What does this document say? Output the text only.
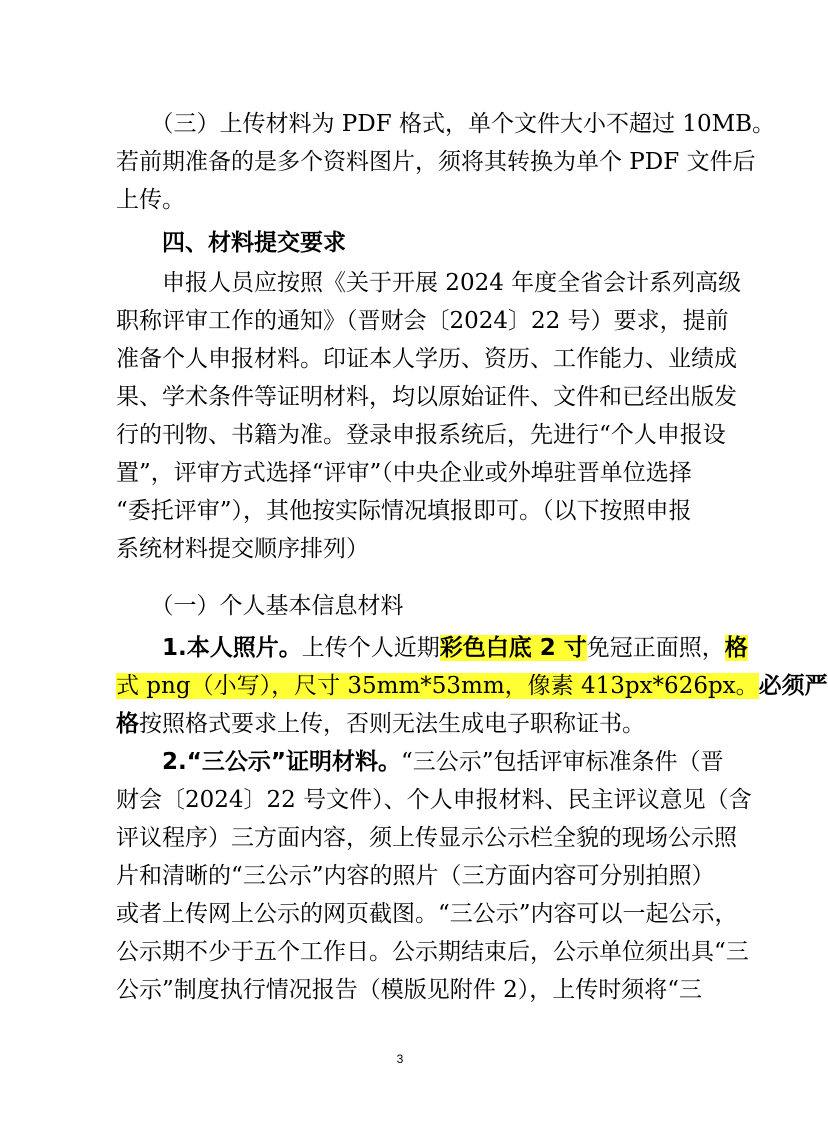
　　（三）上传材料为 PDF 格式，单个文件大小不超过 10MB。
若前期准备的是多个资料图片，须将其转换为单个 PDF 文件后
上传。
　　四、材料提交要求
　　申报人员应按照《关于开展 2024 年度全省会计系列高级
职称评审工作的通知》（晋财会〔2024〕22 号）要求，提前
准备个人申报材料。印证本人学历、资历、工作能力、业绩成
果、学术条件等证明材料，均以原始证件、文件和已经出版发
行的刊物、书籍为准。登录申报系统后，先进行“个人申报设
置”，评审方式选择“评审”（中央企业或外埠驻晋单位选择
“委托评审”），其他按实际情况填报即可。（以下按照申报
系统材料提交顺序排列）
　　（一）个人基本信息材料
　　1.本人照片。上传个人近期彩色白底 2 寸免冠正面照，格
式 png（小写），尺寸 35mm*53mm，像素 413px*626px。必须严
格按照格式要求上传，否则无法生成电子职称证书。
　　2.“三公示”证明材料。“三公示”包括评审标准条件（晋
财会〔2024〕22 号文件）、个人申报材料、民主评议意见（含
评议程序）三方面内容，须上传显示公示栏全貌的现场公示照
片和清晰的“三公示”内容的照片（三方面内容可分别拍照）
或者上传网上公示的网页截图。“三公示”内容可以一起公示，
公示期不少于五个工作日。公示期结束后，公示单位须出具“三
公示”制度执行情况报告（模版见附件 2），上传时须将“三
3
